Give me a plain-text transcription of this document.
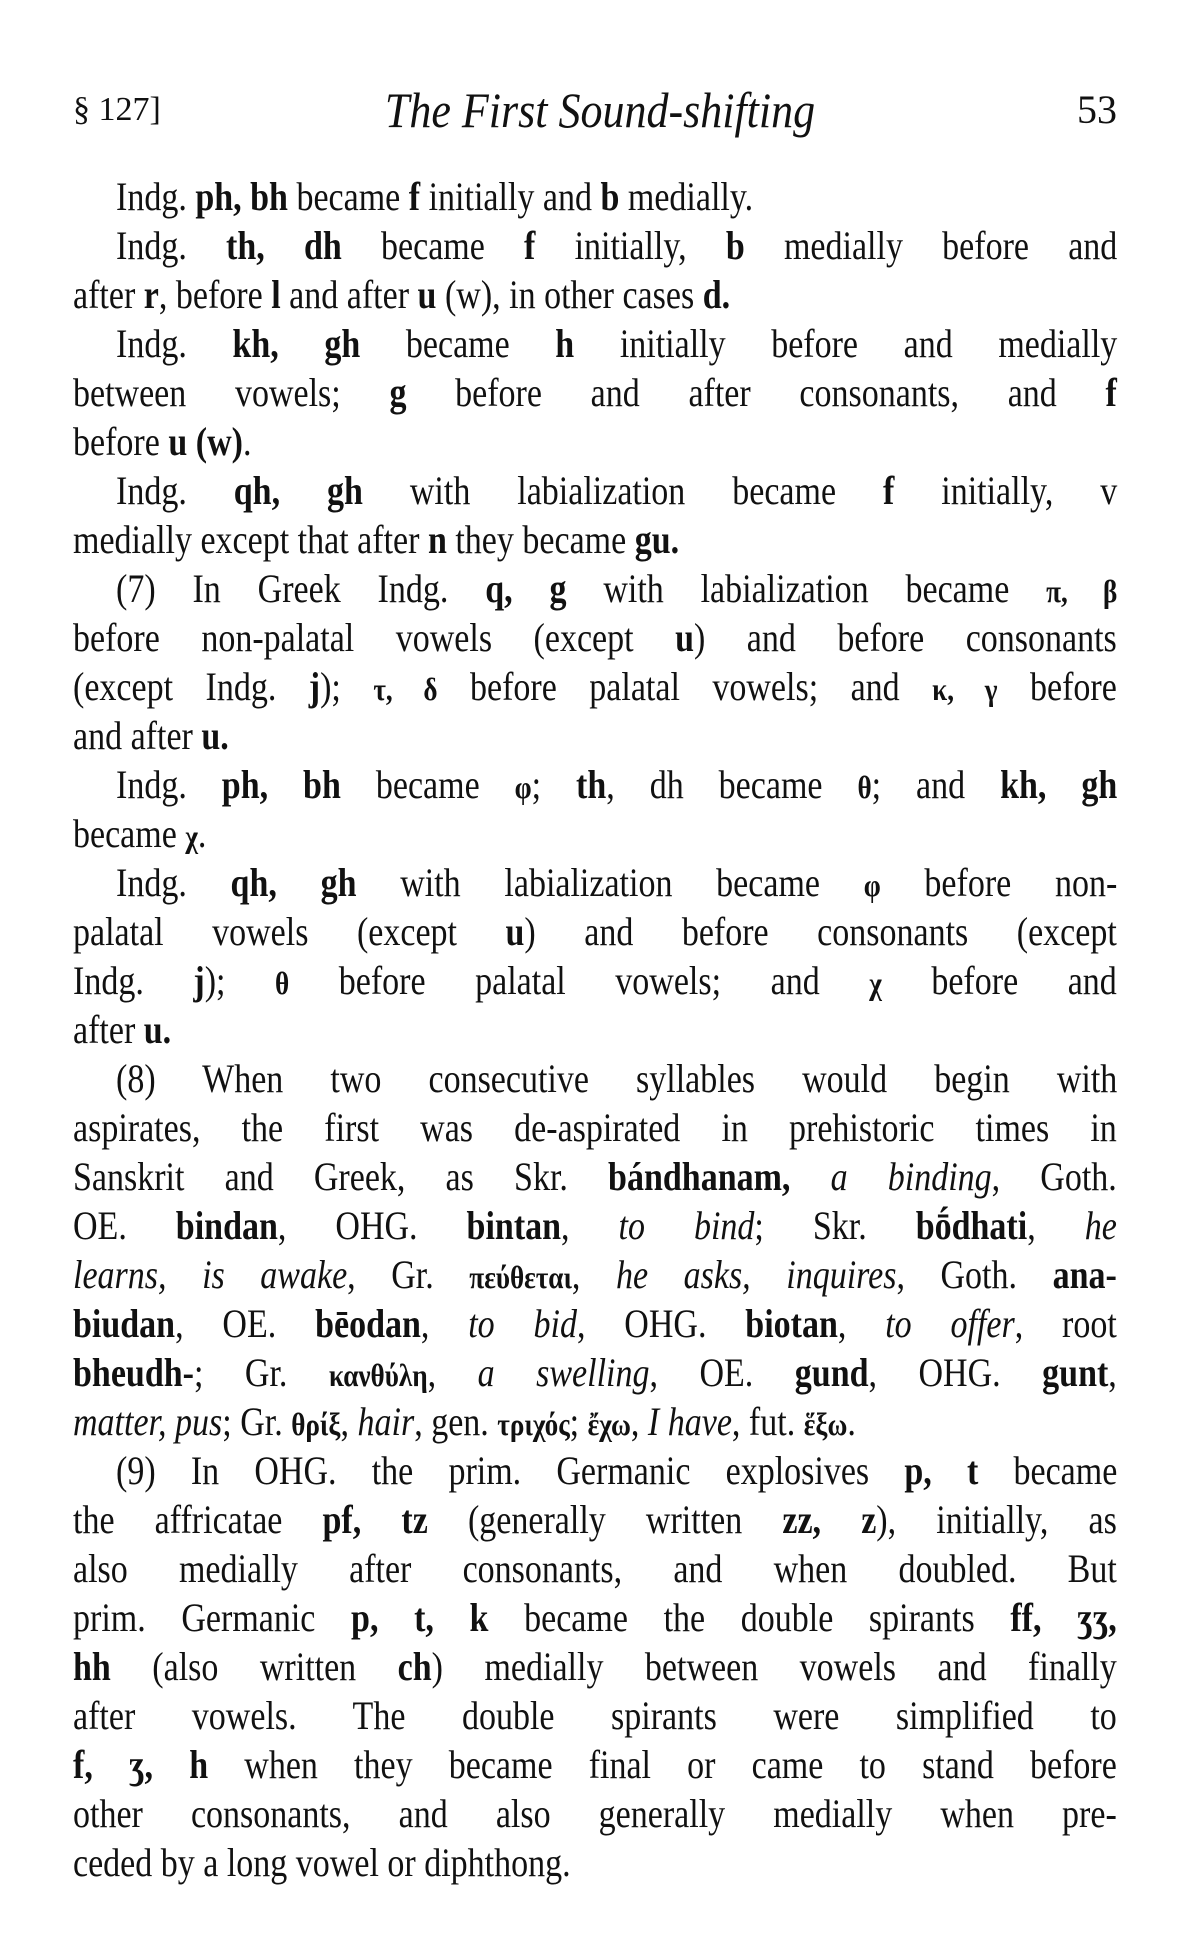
§ 127]	The First Sound-shifting	53
Indg. ph, bh became f initially and b medially.
Indg. th, dh became f initially, b medially before and
after r, before l and after u (w), in other cases d.
Indg. kh, gh became h initially before and medially
between vowels; g before and after consonants, and f
before u (w).
Indg. qh, gh with labialization became f initially, v
medially except that after n they became gu.
(7) In Greek Indg. q, g with labialization became π, β
before non-palatal vowels (except u) and before consonants
(except Indg. j); τ, δ before palatal vowels; and κ, γ before
and after u.
Indg. ph, bh became φ; th, dh became θ; and kh, gh
became χ.
Indg. qh, gh with labialization became φ before non-
palatal vowels (except u) and before consonants (except
Indg. j); θ before palatal vowels; and χ before and
after u.
(8) When two consecutive syllables would begin with
aspirates, the first was de-aspirated in prehistoric times in
Sanskrit and Greek, as Skr. bándhanam, a binding, Goth.
OE. bindan, OHG. bintan, to bind; Skr. bṓdhati, he
learns, is awake, Gr. πεύθεται, he asks, inquires, Goth. ana-
biudan, OE. bēodan, to bid, OHG. biotan, to offer, root
bheudh-; Gr. κανθύλη, a swelling, OE. gund, OHG. gunt,
matter, pus; Gr. θρίξ, hair, gen. τριχός; ἔχω, I have, fut. ἕξω.
(9) In OHG. the prim. Germanic explosives p, t became
the affricatae pf, tz (generally written zz, z), initially, as
also medially after consonants, and when doubled. But
prim. Germanic p, t, k became the double spirants ff, ʒʒ,
hh (also written ch) medially between vowels and finally
after vowels. The double spirants were simplified to
f, ʒ, h when they became final or came to stand before
other consonants, and also generally medially when pre-
ceded by a long vowel or diphthong.
